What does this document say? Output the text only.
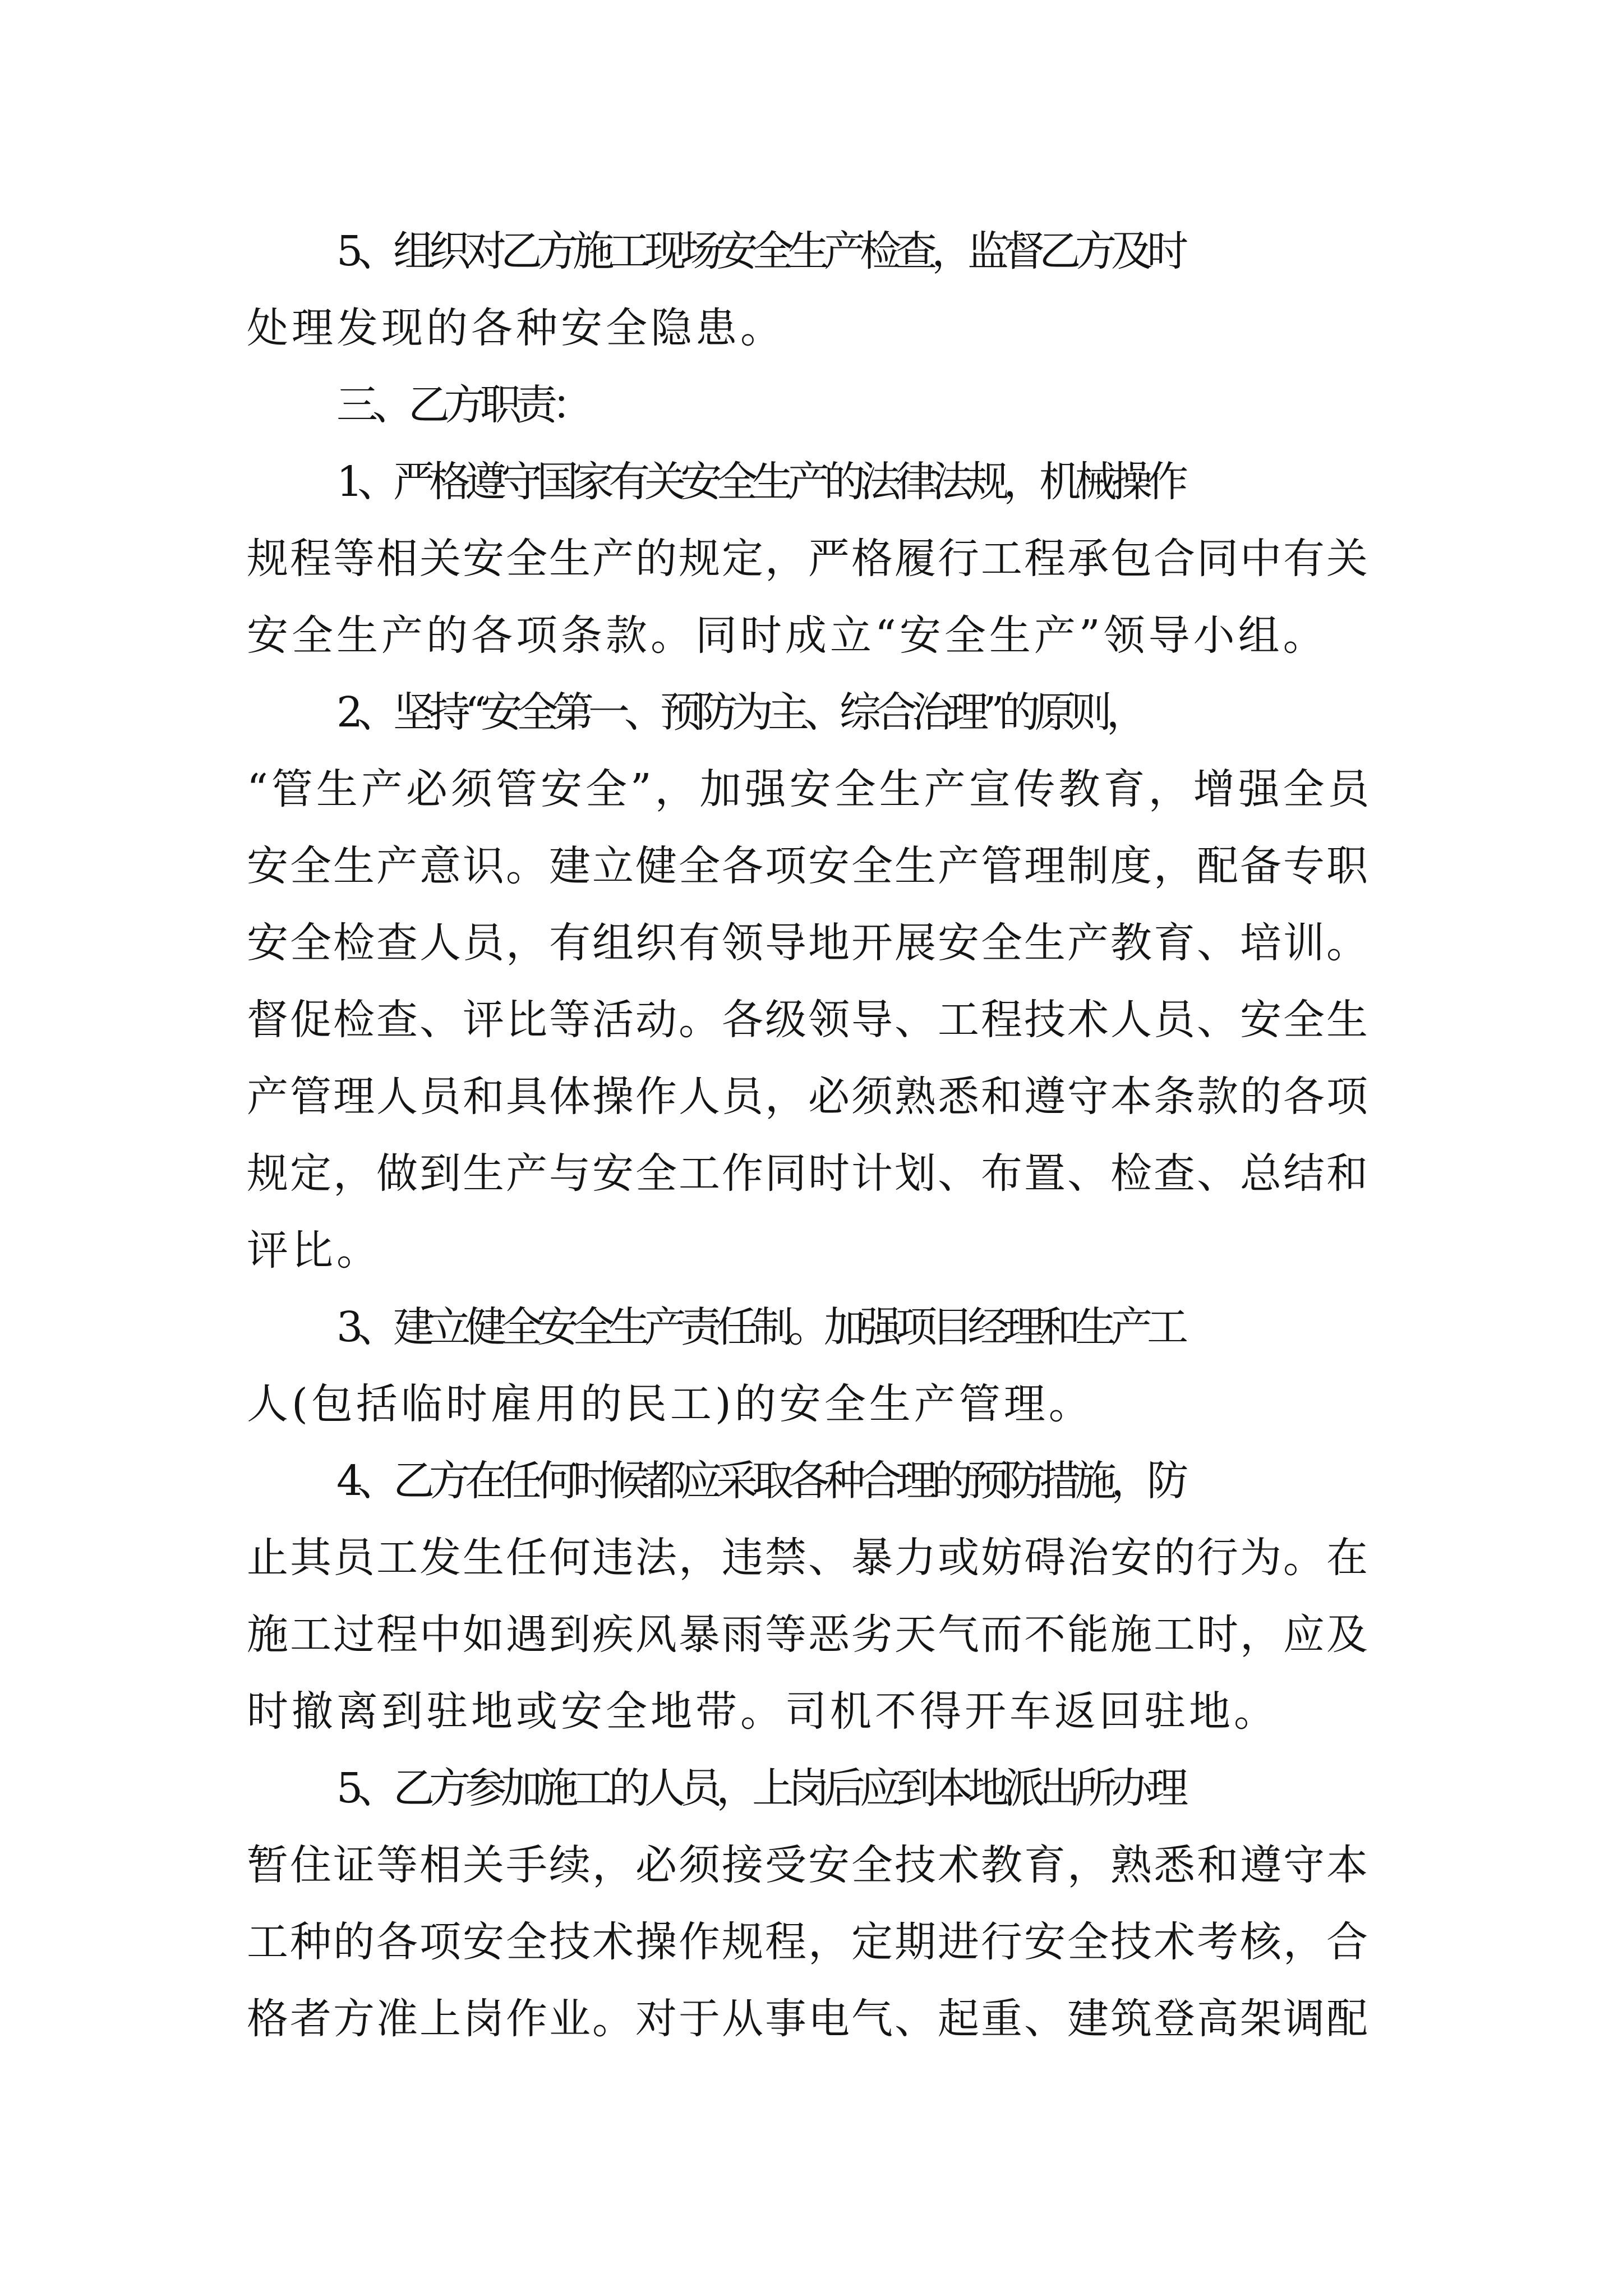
5、组织对乙方施工现场安全生产检查，监督乙方及时
处理发现的各种安全隐患。

三、乙方职责：

1、严格遵守国家有关安全生产的法律法规，机械操作
规程等相关安全生产的规定，严格履行工程承包合同中有关
安全生产的各项条款。同时成立“安全生产”领导小组。

2、坚持“安全第一、预防为主、综合治理”的原则，
“管生产必须管安全”，加强安全生产宣传教育，增强全员
安全生产意识。建立健全各项安全生产管理制度，配备专职
安全检查人员，有组织有领导地开展安全生产教育、培训。
督促检查、评比等活动。各级领导、工程技术人员、安全生
产管理人员和具体操作人员，必须熟悉和遵守本条款的各项
规定，做到生产与安全工作同时计划、布置、检查、总结和
评比。

3、建立健全安全生产责任制。加强项目经理和生产工
人(包括临时雇用的民工)的安全生产管理。

4、乙方在任何时候都应采取各种合理的预防措施，防
止其员工发生任何违法，违禁、暴力或妨碍治安的行为。在
施工过程中如遇到疾风暴雨等恶劣天气而不能施工时，应及
时撤离到驻地或安全地带。司机不得开车返回驻地。

5、乙方参加施工的人员，上岗后应到本地派出所办理
暂住证等相关手续，必须接受安全技术教育，熟悉和遵守本
工种的各项安全技术操作规程，定期进行安全技术考核，合
格者方准上岗作业。对于从事电气、起重、建筑登高架调配
